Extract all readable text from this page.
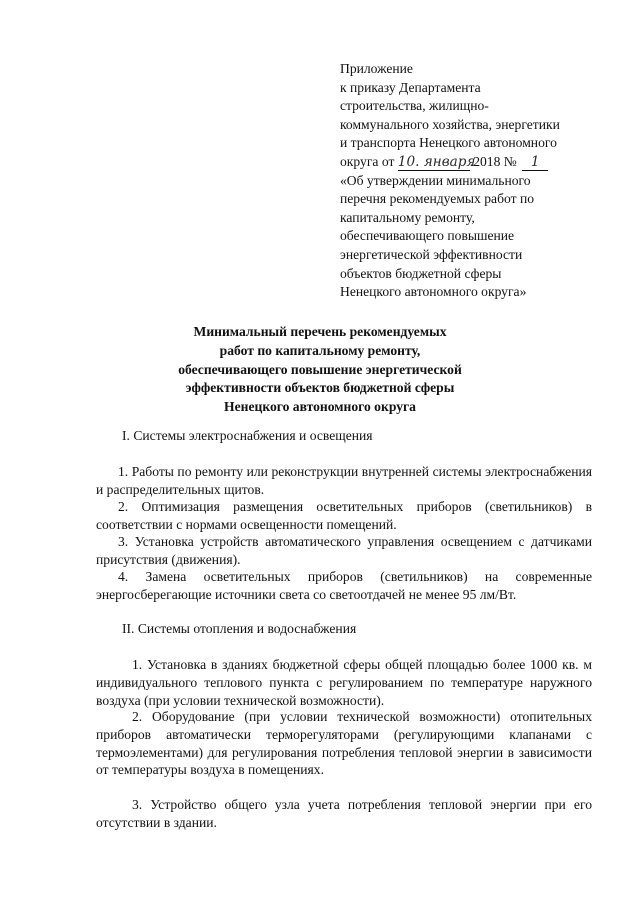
Приложение
к приказу Департамента
строительства, жилищно-
коммунального хозяйства, энергетики
и транспорта Ненецкого автономного
округа от 10. января.2018 № 1
«Об утверждении минимального
перечня рекомендуемых работ по
капитальному ремонту,
обеспечивающего повышение
энергетической эффективности
объектов бюджетной сферы
Ненецкого автономного округа»
Минимальный перечень рекомендуемых
работ по капитальному ремонту,
обеспечивающего повышение энергетической
эффективности объектов бюджетной сферы
Ненецкого автономного округа
I. Системы электроснабжения и освещения

1. Работы по ремонту или реконструкции внутренней системы электроснабжения и распределительных щитов.

2. Оптимизация размещения осветительных приборов (светильников) в соответствии с нормами освещенности помещений.

3. Установка устройств автоматического управления освещением с датчиками присутствия (движения).

4. Замена осветительных приборов (светильников) на современные энергосберегающие источники света со светоотдачей не менее 95 лм/Вт.

II. Системы отопления и водоснабжения

1. Установка в зданиях бюджетной сферы общей площадью более 1000 кв. м индивидуального теплового пункта с регулированием по температуре наружного воздуха (при условии технической возможности).

2. Оборудование (при условии технической возможности) отопительных приборов автоматически терморегуляторами (регулирующими клапанами с термоэлементами) для регулирования потребления тепловой энергии в зависимости от температуры воздуха в помещениях.

3. Устройство общего узла учета потребления тепловой энергии при его отсутствии в здании.
